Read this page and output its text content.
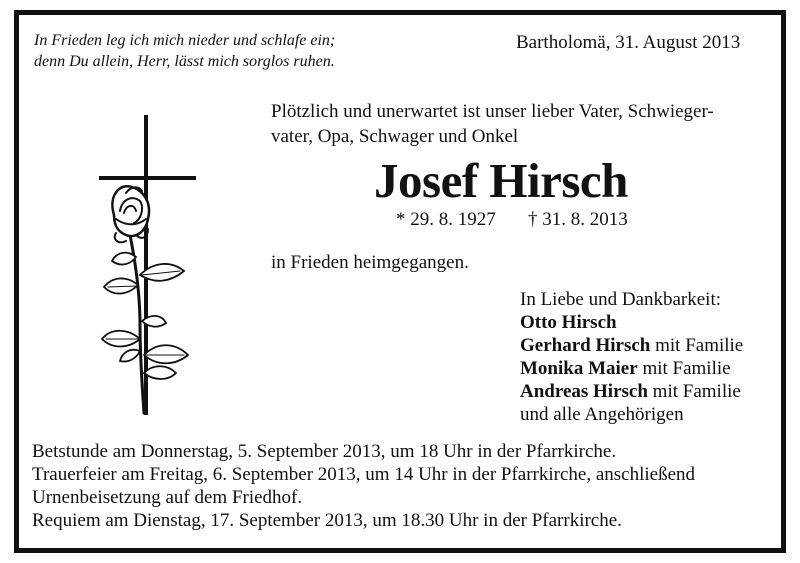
In Frieden leg ich mich nieder und schlafe ein;
denn Du allein, Herr, lässt mich sorglos ruhen.
Bartholomä, 31. August 2013
Plötzlich und unerwartet ist unser lieber Vater, Schwieger-
vater, Opa, Schwager und Onkel
Josef Hirsch
* 29. 8. 1927 † 31. 8. 2013
in Frieden heimgegangen.
In Liebe und Dankbarkeit:
Otto Hirsch
Gerhard Hirsch mit Familie
Monika Maier mit Familie
Andreas Hirsch mit Familie
und alle Angehörigen
Betstunde am Donnerstag, 5. September 2013, um 18 Uhr in der Pfarrkirche.
Trauerfeier am Freitag, 6. September 2013, um 14 Uhr in der Pfarrkirche, anschließend
Urnenbeisetzung auf dem Friedhof.
Requiem am Dienstag, 17. September 2013, um 18.30 Uhr in der Pfarrkirche.
